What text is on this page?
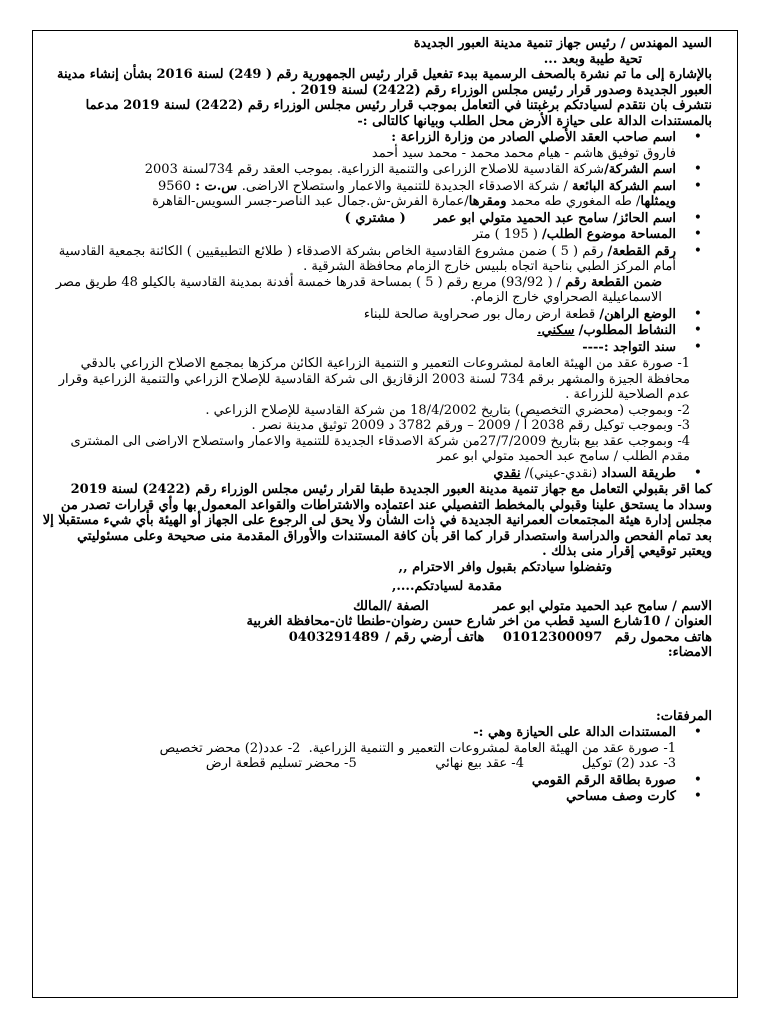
السيد المهندس / رئيس جهاز تنمية مدينة العبور الجديدة

تحية طيبة وبعد ...

بالإشارة إلى ما تم نشرة بالصحف الرسمية ببدء تفعيل قرار رئيس الجمهورية رقم ( 249) لسنة 2016 بشأن إنشاء مدينة العبور الجديدة وصدور قرار رئيس مجلس الوزراء رقم (2422) لسنة 2019 .

نتشرف بان نتقدم لسيادتكم برغبتنا في التعامل بموجب قرار رئيس مجلس الوزراء رقم (2422) لسنة 2019 مدعما بالمستندات الدالة على حيازة الأرض محل الطلب وبيانها كالتالى :-

• اسم صاحب العقد الأصلي الصادر من وزارة الزراعة :
فاروق توفيق هاشم - هيام محمد محمد - محمد سيد أحمد
• اسم الشركة/شركة القادسية للاصلاح الزراعى والتنمية الزراعية. بموجب العقد رقم 734لسنة 2003
• اسم الشركة البائعة / شركة الاصدقاء الجديدة للتنمية والاعمار واستصلاح الاراضى. س.ت : 9560
ويمثلها/ طه المغوري طه محمد ومقرها/عمارة الفرش-ش.جمال عبد الناصر-جسر السويس-القاهرة
• اسم الحائز/ سامح عبد الحميد متولي ابو عمر ( مشتري )
• المساحة موضوع الطلب/ ( 195 ) متر
• رقم القطعة/ رقم ( 5 ) ضمن مشروع القادسية الخاص بشركة الاصدقاء ( طلائع التطبيقيين ) الكائنة بجمعية القادسية أمام المركز الطبي بناحية اتجاه بلبيس خارج الزمام محافظة الشرقية .
ضمن القطعة رقم / ( 93/92) مربع رقم ( 5 ) بمساحة قدرها خمسة أفدنة بمدينة القادسية بالكيلو 48 طريق مصر الاسماعيلية الصحراوي خارج الزمام.
• الوضع الراهن/ قطعة ارض رمال بور صحراوية صالحة للبناء
• النشاط المطلوب/ سكني.
• سند التواجد :----

1- صورة عقد من الهيئة العامة لمشروعات التعمير و التنمية الزراعية الكائن مركزها بمجمع الاصلاح الزراعي بالدقي محافظة الجيزة والمشهر برقم 734 لسنة 2003 الزقازيق الى شركة القادسية للإصلاح الزراعي والتنمية الزراعية وقرار عدم الصلاحية للزراعة .

2- وبموجب (محضري التخصيص) بتاريخ 18/4/2002 من شركة القادسية للإصلاح الزراعي .

3- وبموجب توكيل رقم 2038 أ / 2009 – ورقم 3782 د 2009 توثيق مدينة نصر .

4- وبموجب عقد بيع بتاريخ 27/7/2009من شركة الاصدقاء الجديدة للتنمية والاعمار واستصلاح الاراضى الى المشترى مقدم الطلب / سامح عبد الحميد متولي ابو عمر

• طريقة السداد (نقدي-عيني)/ نقدي

كما اقر بقبولي التعامل مع جهاز تنمية مدينة العبور الجديدة طبقا لقرار رئيس مجلس الوزراء رقم (2422) لسنة 2019 وسداد ما يستحق علينا وقبولي بالمخطط التفصيلي عند اعتماده والاشتراطات والقواعد المعمول بها وأي قرارات تصدر من مجلس إدارة هيئة المجتمعات العمرانية الجديدة في ذات الشأن ولا يحق لى الرجوع على الجهاز أو الهيئة بأي شيء مستقبلا إلا بعد تمام الفحص والدراسة واستصدار قرار كما اقر بأن كافة المستندات والأوراق المقدمة منى صحيحة وعلى مسئوليتي ويعتبر توقيعي إقرار منى بذلك .

وتفضلوا سيادتكم بقبول وافر الاحترام ,,

مقدمة لسيادتكم....,

الاسم / سامح عبد الحميد متولي ابو عمر الصفة /المالك
العنوان / 10شارع السيد قطب من اخر شارع حسن رضوان-طنطا ثان-محافظة الغربية
هاتف محمول رقم 01012300097 هاتف أرضي رقم /0403291489
الامضاء:

المرفقات:

• المستندات الدالة على الحيازة وهي :-
1- صورة عقد من الهيئة العامة لمشروعات التعمير و التنمية الزراعية.  2- عدد(2) محضر تخصيص
3- عدد (2) توكيل              4- عقد بيع نهائي                   5- محضر تسليم قطعة ارض
• صورة بطاقة الرقم القومي
• كارت وصف مساحي
